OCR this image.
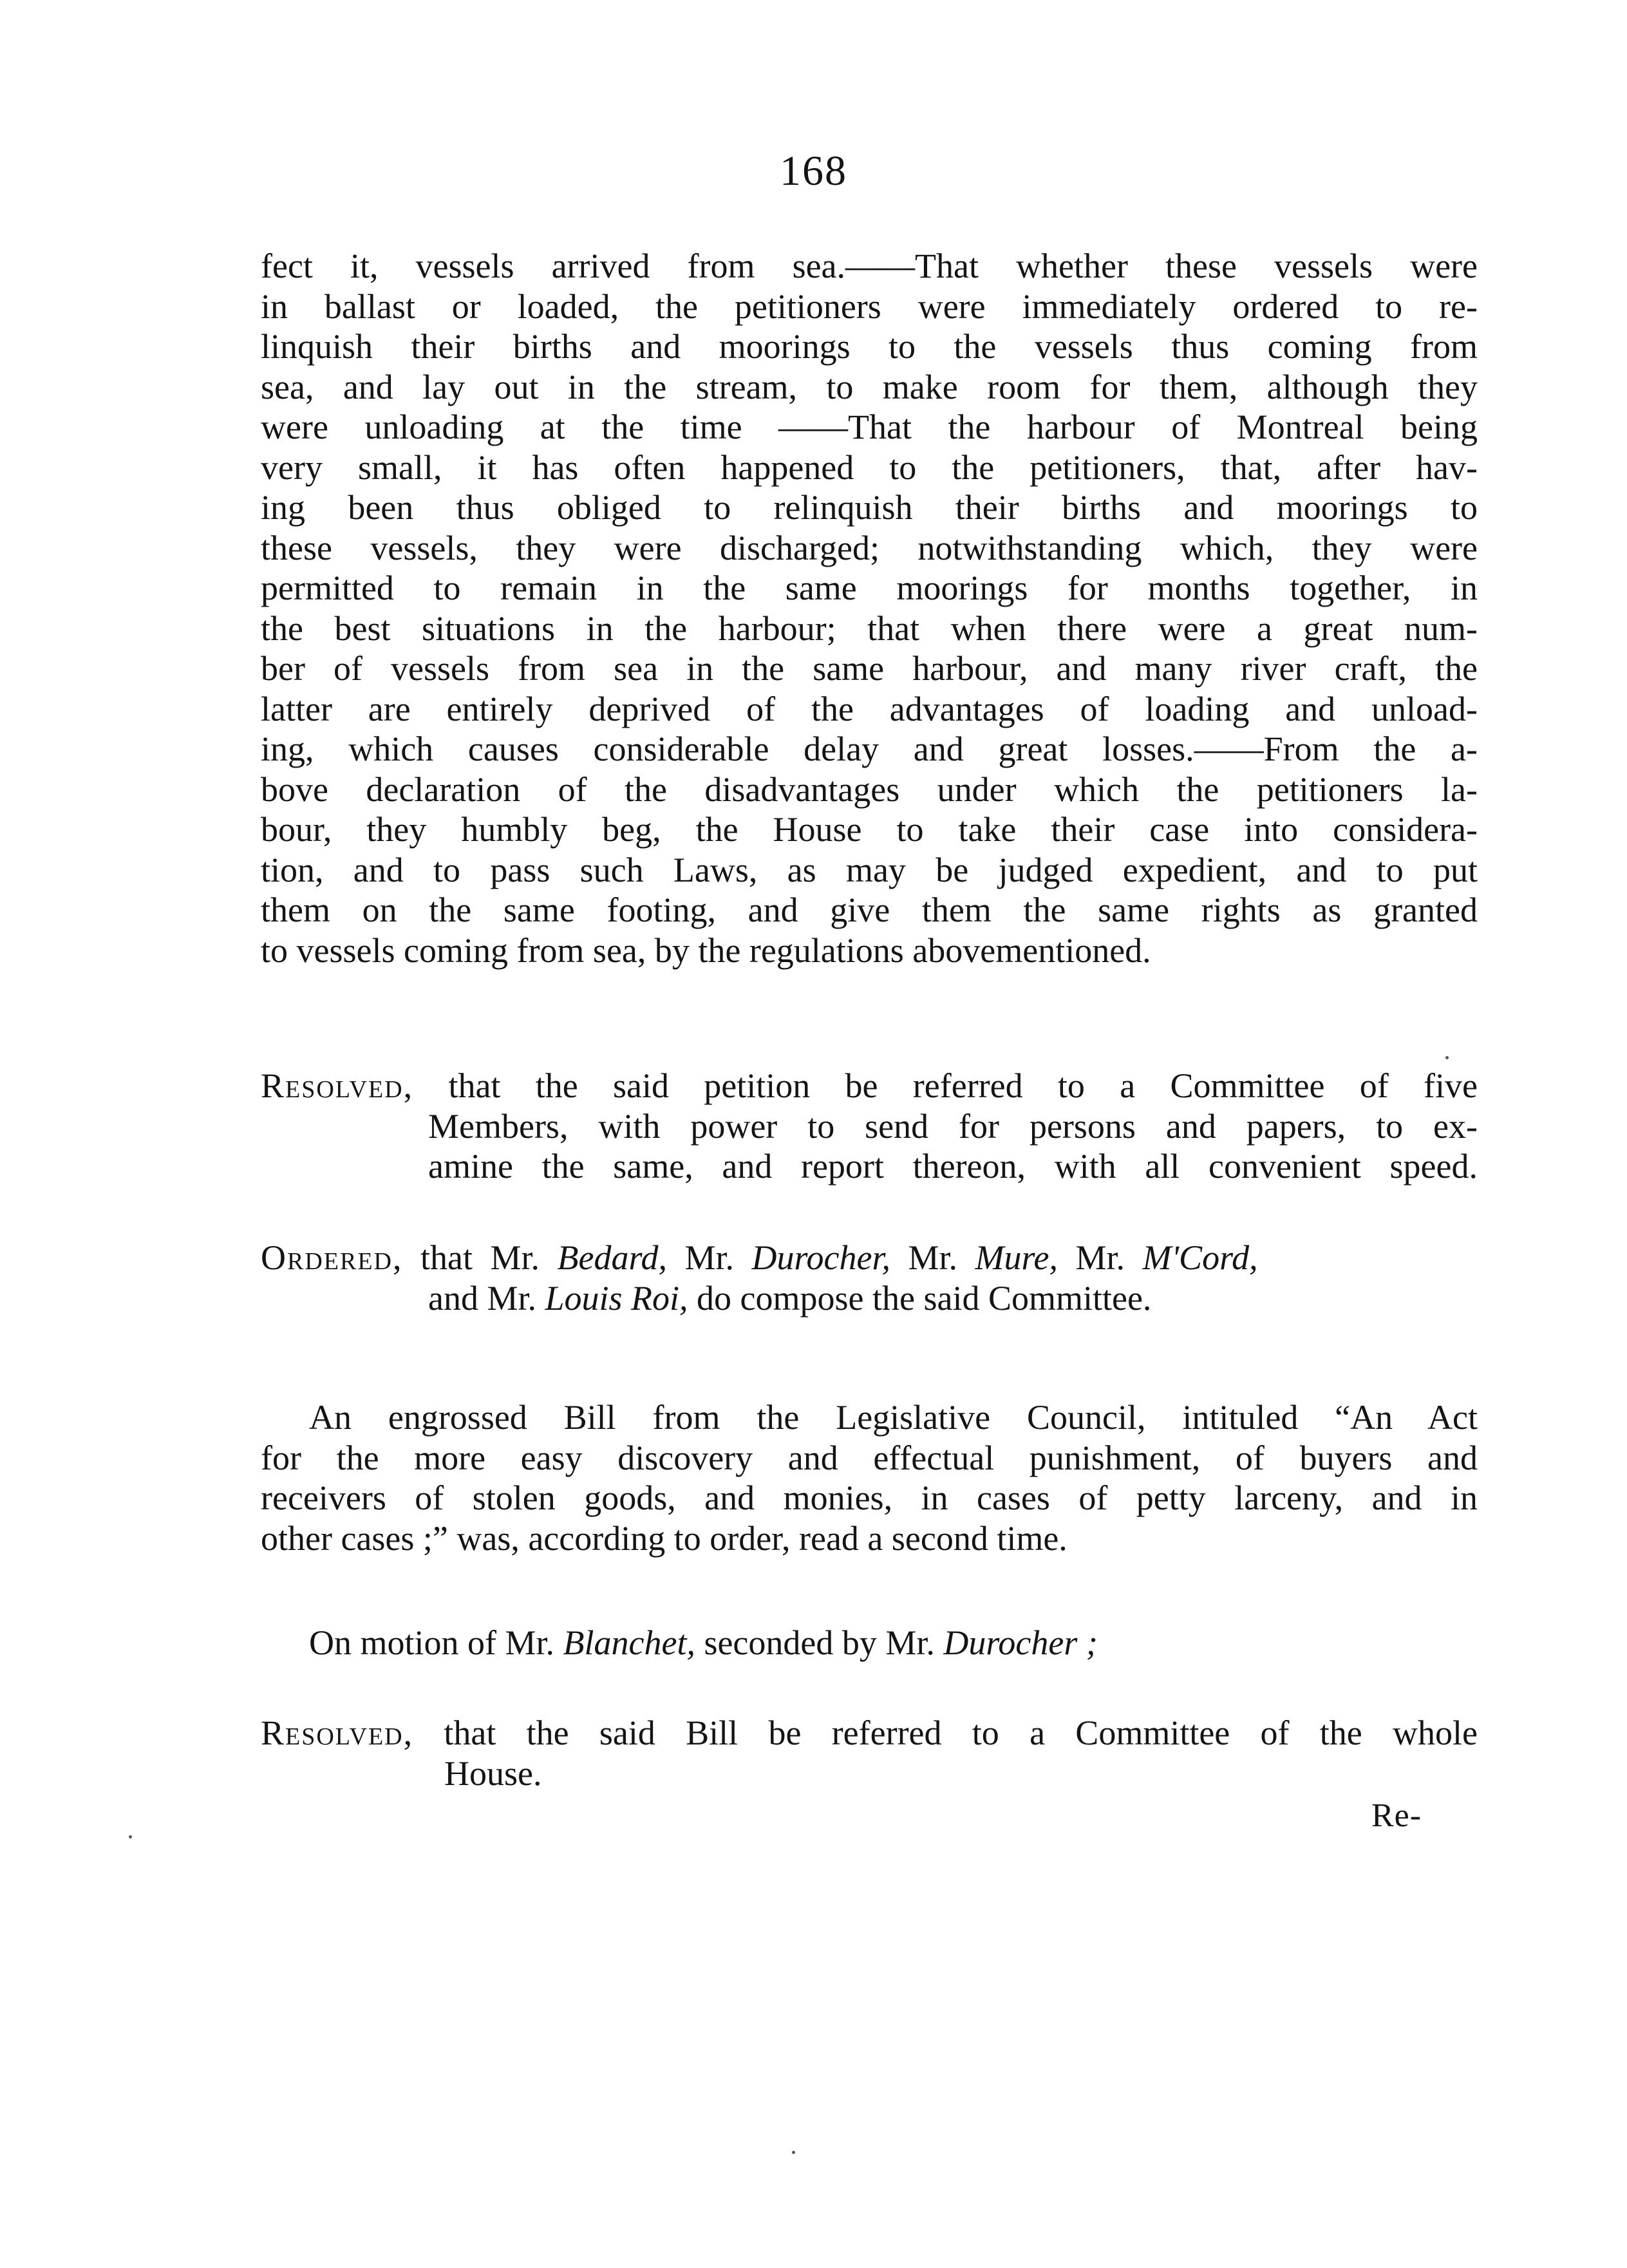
168
fect it, vessels arrived from sea.——That whether these vessels were
in ballast or loaded, the petitioners were immediately ordered to re-
linquish their births and moorings to the vessels thus coming from
sea, and lay out in the stream, to make room for them, although they
were unloading at the time ——That the harbour of Montreal being
very small, it has often happened to the petitioners, that, after hav-
ing been thus obliged to relinquish their births and moorings to
these vessels, they were discharged; notwithstanding which, they were
permitted to remain in the same moorings for months together, in
the best situations in the harbour; that when there were a great num-
ber of vessels from sea in the same harbour, and many river craft, the
latter are entirely deprived of the advantages of loading and unload-
ing, which causes considerable delay and great losses.——From the a-
bove declaration of the disadvantages under which the petitioners la-
bour, they humbly beg, the House to take their case into considera-
tion, and to pass such Laws, as may be judged expedient, and to put
them on the same footing, and give them the same rights as granted
to vessels coming from sea, by the regulations abovementioned.
Resolved, that the said petition be referred to a Committee of five
Members, with power to send for persons and papers, to ex-
amine the same, and report thereon, with all convenient speed.
Ordered, that Mr. Bedard, Mr. Durocher, Mr. Mure, Mr. M'Cord,
and Mr. Louis Roi, do compose the said Committee.
An engrossed Bill from the Legislative Council, intituled “An Act
for the more easy discovery and effectual punishment, of buyers and
receivers of stolen goods, and monies, in cases of petty larceny, and in
other cases ;” was, according to order, read a second time.
On motion of Mr. Blanchet, seconded by Mr. Durocher ;
Resolved, that the said Bill be referred to a Committee of the whole
House.
Re-
